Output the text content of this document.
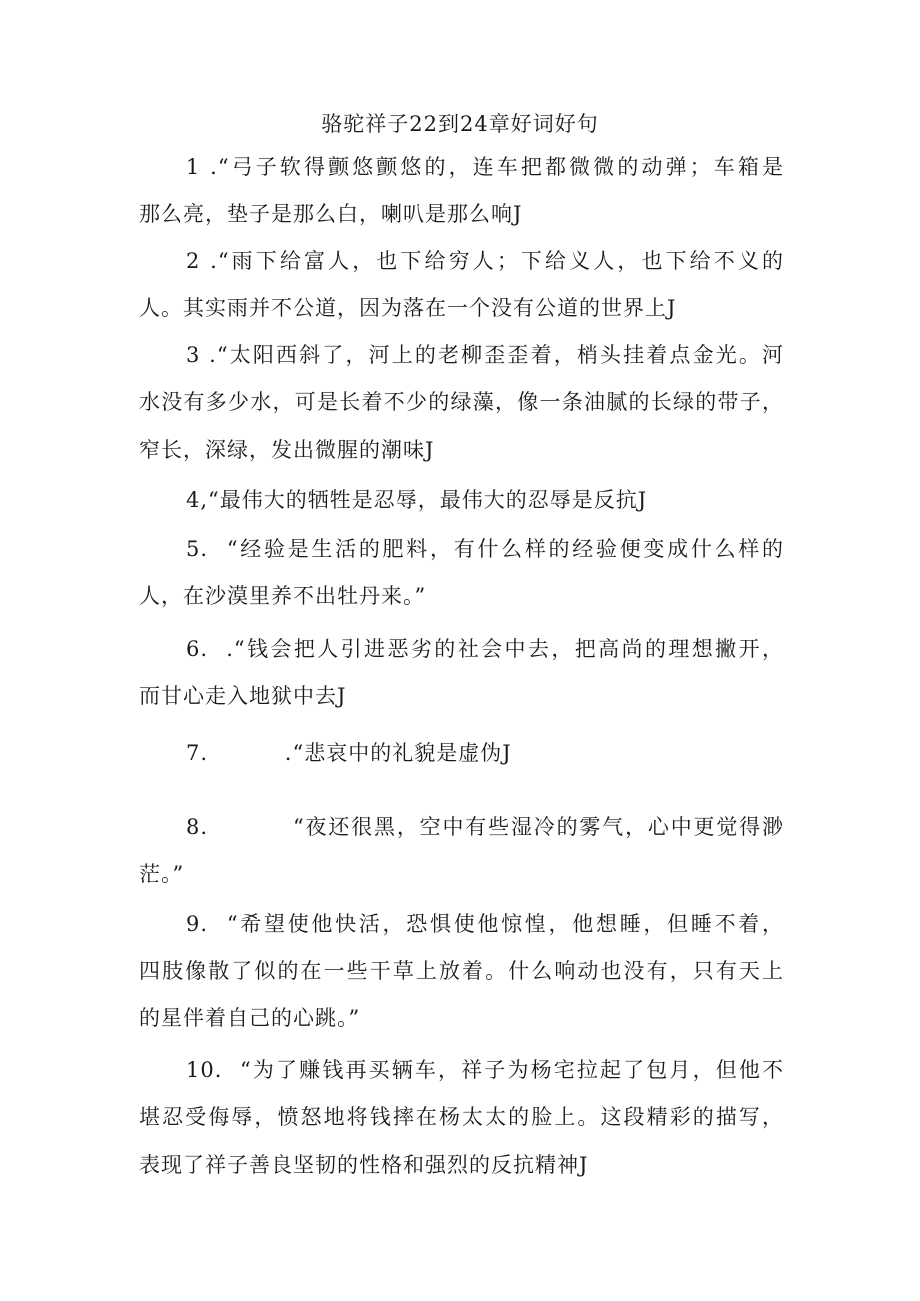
骆驼祥子22到24章好词好句
1 .“弓子软得颤悠颤悠的，连车把都微微的动弹；车箱是
那么亮，垫子是那么白，喇叭是那么响J
2 .“雨下给富人，也下给穷人；下给义人，也下给不义的
人。其实雨并不公道，因为落在一个没有公道的世界上J
3 .“太阳西斜了，河上的老柳歪歪着，梢头挂着点金光。河
水没有多少水，可是长着不少的绿藻，像一条油腻的长绿的带子，
窄长，深绿，发出微腥的潮味J
4,“最伟大的牺牲是忍辱，最伟大的忍辱是反抗J
5.  “经验是生活的肥料，有什么样的经验便变成什么样的
人，在沙漠里养不出牡丹来。”
6.  .“钱会把人引进恶劣的社会中去，把高尚的理想撇开，
而甘心走入地狱中去J
7.          .“悲哀中的礼貌是虚伪J
8.          “夜还很黑，空中有些湿冷的雾气，心中更觉得渺
茫。”
9.  “希望使他快活，恐惧使他惊惶，他想睡，但睡不着，
四肢像散了似的在一些干草上放着。什么响动也没有，只有天上
的星伴着自己的心跳。”
10.  “为了赚钱再买辆车，祥子为杨宅拉起了包月，但他不
堪忍受侮辱，愤怒地将钱摔在杨太太的脸上。这段精彩的描写，
表现了祥子善良坚韧的性格和强烈的反抗精神J
